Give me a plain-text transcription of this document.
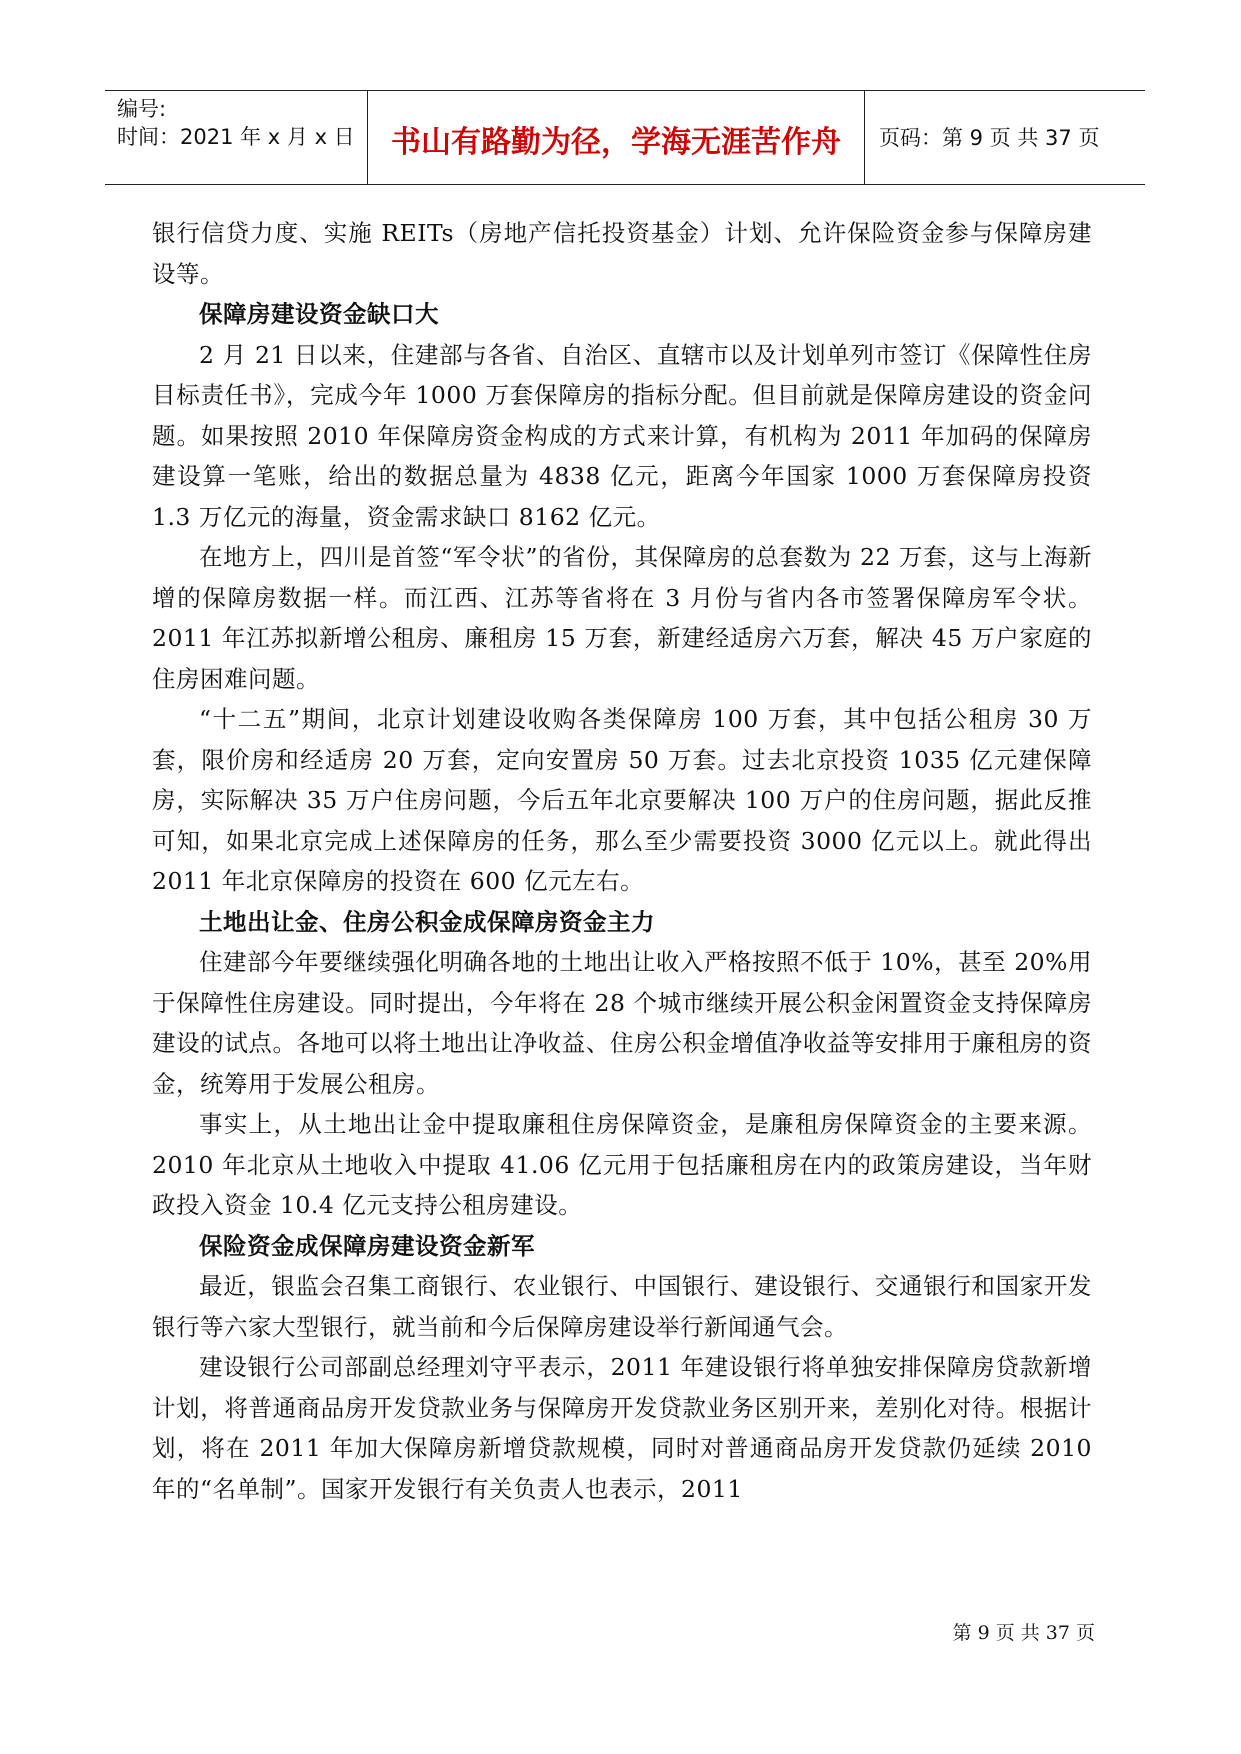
编号:
时间：2021 年 x 月 x 日	书山有路勤为径，学海无涯苦作舟	页码：第 9 页 共 37 页

银行信贷力度、实施 REITs（房地产信托投资基金）计划、允许保险资金参与保障房建设等。

保障房建设资金缺口大

2 月 21 日以来，住建部与各省、自治区、直辖市以及计划单列市签订《保障性住房目标责任书》，完成今年 1000 万套保障房的指标分配。但目前就是保障房建设的资金问题。如果按照 2010 年保障房资金构成的方式来计算，有机构为 2011 年加码的保障房建设算一笔账，给出的数据总量为 4838 亿元，距离今年国家 1000 万套保障房投资 1.3 万亿元的海量，资金需求缺口 8162 亿元。

在地方上，四川是首签“军令状”的省份，其保障房的总套数为 22 万套，这与上海新增的保障房数据一样。而江西、江苏等省将在 3 月份与省内各市签署保障房军令状。2011 年江苏拟新增公租房、廉租房 15 万套，新建经适房六万套，解决 45 万户家庭的住房困难问题。

“十二五”期间，北京计划建设收购各类保障房 100 万套，其中包括公租房 30 万套，限价房和经适房 20 万套，定向安置房 50 万套。过去北京投资 1035 亿元建保障房，实际解决 35 万户住房问题，今后五年北京要解决 100 万户的住房问题，据此反推可知，如果北京完成上述保障房的任务，那么至少需要投资 3000 亿元以上。就此得出 2011 年北京保障房的投资在 600 亿元左右。

土地出让金、住房公积金成保障房资金主力

住建部今年要继续强化明确各地的土地出让收入严格按照不低于 10%，甚至 20%用于保障性住房建设。同时提出，今年将在 28 个城市继续开展公积金闲置资金支持保障房建设的试点。各地可以将土地出让净收益、住房公积金增值净收益等安排用于廉租房的资金，统筹用于发展公租房。

事实上，从土地出让金中提取廉租住房保障资金，是廉租房保障资金的主要来源。2010 年北京从土地收入中提取 41.06 亿元用于包括廉租房在内的政策房建设，当年财政投入资金 10.4 亿元支持公租房建设。

保险资金成保障房建设资金新军

最近，银监会召集工商银行、农业银行、中国银行、建设银行、交通银行和国家开发银行等六家大型银行，就当前和今后保障房建设举行新闻通气会。

建设银行公司部副总经理刘守平表示，2011 年建设银行将单独安排保障房贷款新增计划，将普通商品房开发贷款业务与保障房开发贷款业务区别开来，差别化对待。根据计划，将在 2011 年加大保障房新增贷款规模，同时对普通商品房开发贷款仍延续 2010 年的“名单制”。国家开发银行有关负责人也表示，2011

第 9 页 共 37 页
